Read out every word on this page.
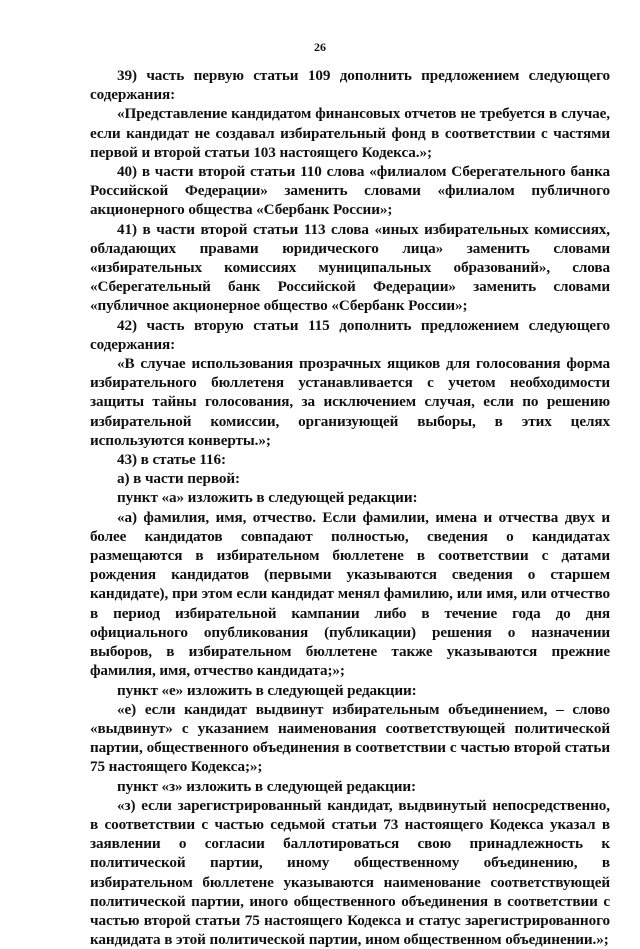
26

39) часть первую статьи 109 дополнить предложением следующего содержания:

«Представление кандидатом финансовых отчетов не требуется в случае, если кандидат не создавал избирательный фонд в соответствии с частями первой и второй статьи 103 настоящего Кодекса.»;

40) в части второй статьи 110 слова «филиалом Сберегательного банка Российской Федерации» заменить словами «филиалом публичного акционерного общества «Сбербанк России»;

41) в части второй статьи 113 слова «иных избирательных комиссиях, обладающих правами юридического лица» заменить словами «избирательных комиссиях муниципальных образований», слова «Сберегательный банк Российской Федерации» заменить словами «публичное акционерное общество «Сбербанк России»;

42) часть вторую статьи 115 дополнить предложением следующего содержания:

«В случае использования прозрачных ящиков для голосования форма избирательного бюллетеня устанавливается с учетом необходимости защиты тайны голосования, за исключением случая, если по решению избирательной комиссии, организующей выборы, в этих целях используются конверты.»;

43) в статье 116:

а) в части первой:

пункт «а» изложить в следующей редакции:

«а) фамилия, имя, отчество. Если фамилии, имена и отчества двух и более кандидатов совпадают полностью, сведения о кандидатах размещаются в избирательном бюллетене в соответствии с датами рождения кандидатов (первыми указываются сведения о старшем кандидате), при этом если кандидат менял фамилию, или имя, или отчество в период избирательной кампании либо в течение года до дня официального опубликования (публикации) решения о назначении выборов, в избирательном бюллетене также указываются прежние фамилия, имя, отчество кандидата;»;

пункт «е» изложить в следующей редакции:

«е) если кандидат выдвинут избирательным объединением, – слово «выдвинут» с указанием наименования соответствующей политической партии, общественного объединения в соответствии с частью второй статьи 75 настоящего Кодекса;»;

пункт «з» изложить в следующей редакции:

«з) если зарегистрированный кандидат, выдвинутый непосредственно, в соответствии с частью седьмой статьи 73 настоящего Кодекса указал в заявлении о согласии баллотироваться свою принадлежность к политической партии, иному общественному объединению, в избирательном бюллетене указываются наименование соответствующей политической партии, иного общественного объединения в соответствии с частью второй статьи 75 настоящего Кодекса и статус зарегистрированного кандидата в этой политической партии, ином общественном объединении.»;
